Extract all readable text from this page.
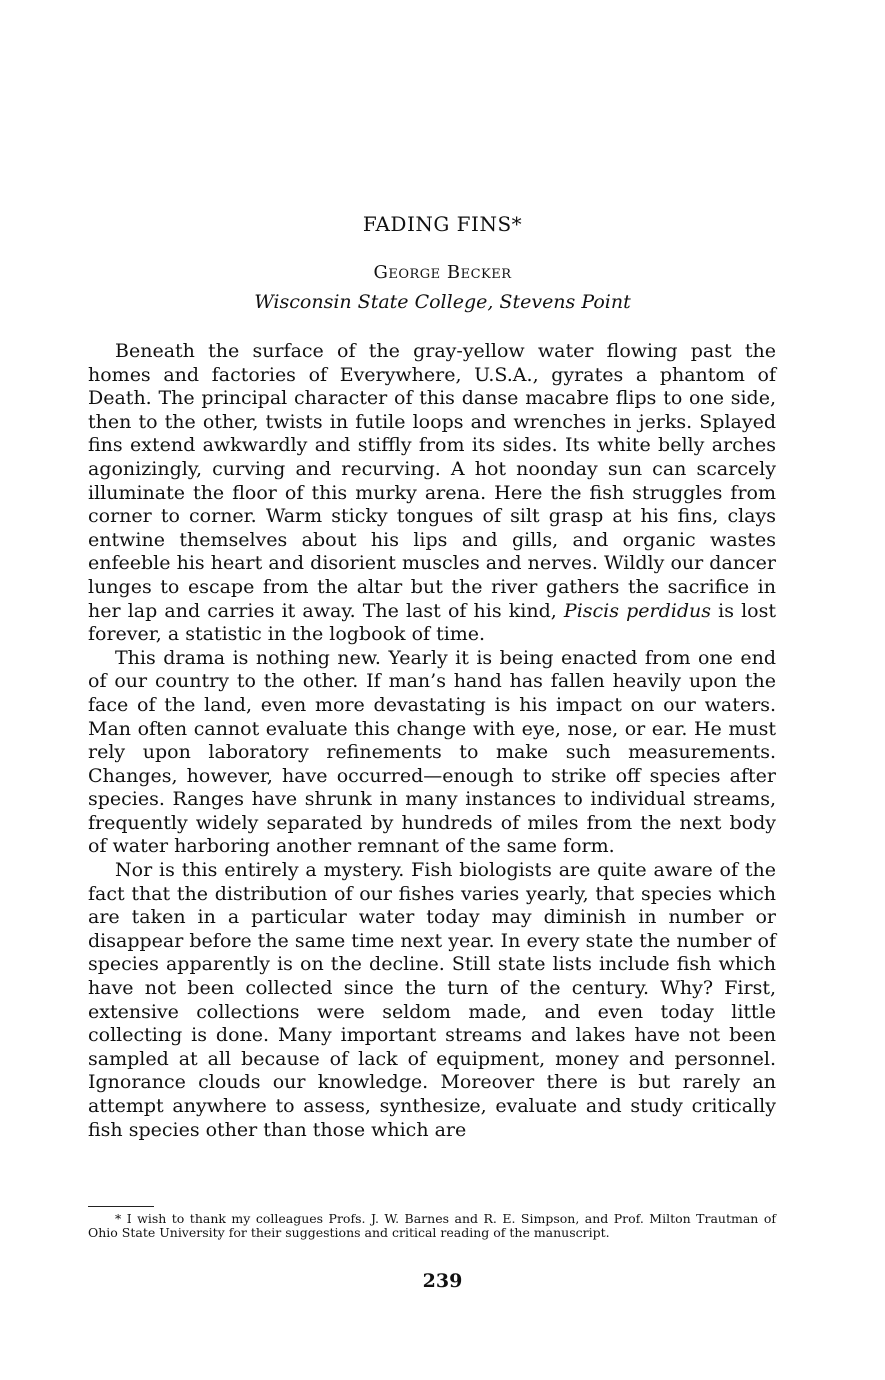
FADING FINS*
George Becker
Wisconsin State College, Stevens Point

Beneath the surface of the gray-yellow water flowing past the homes and factories of Everywhere, U.S.A., gyrates a phantom of Death. The principal character of this danse macabre flips to one side, then to the other, twists in futile loops and wrenches in jerks. Splayed fins extend awkwardly and stiffly from its sides. Its white belly arches agonizingly, curving and recurving. A hot noonday sun can scarcely illuminate the floor of this murky arena. Here the fish struggles from corner to corner. Warm sticky tongues of silt grasp at his fins, clays entwine themselves about his lips and gills, and organic wastes enfeeble his heart and disorient muscles and nerves. Wildly our dancer lunges to escape from the altar but the river gathers the sacrifice in her lap and carries it away. The last of his kind, Piscis perdidus is lost forever, a statistic in the logbook of time.

This drama is nothing new. Yearly it is being enacted from one end of our country to the other. If man’s hand has fallen heavily upon the face of the land, even more devastating is his impact on our waters. Man often cannot evaluate this change with eye, nose, or ear. He must rely upon laboratory refinements to make such measurements. Changes, however, have occurred—enough to strike off species after species. Ranges have shrunk in many instances to individual streams, frequently widely separated by hundreds of miles from the next body of water harboring another remnant of the same form.

Nor is this entirely a mystery. Fish biologists are quite aware of the fact that the distribution of our fishes varies yearly, that species which are taken in a particular water today may diminish in number or disappear before the same time next year. In every state the number of species apparently is on the decline. Still state lists include fish which have not been collected since the turn of the century. Why? First, extensive collections were seldom made, and even today little collecting is done. Many important streams and lakes have not been sampled at all because of lack of equipment, money and personnel. Ignorance clouds our knowledge. Moreover there is but rarely an attempt anywhere to assess, synthesize, evaluate and study critically fish species other than those which are

* I wish to thank my colleagues Profs. J. W. Barnes and R. E. Simpson, and Prof. Milton Trautman of Ohio State University for their suggestions and critical reading of the manuscript.
239
